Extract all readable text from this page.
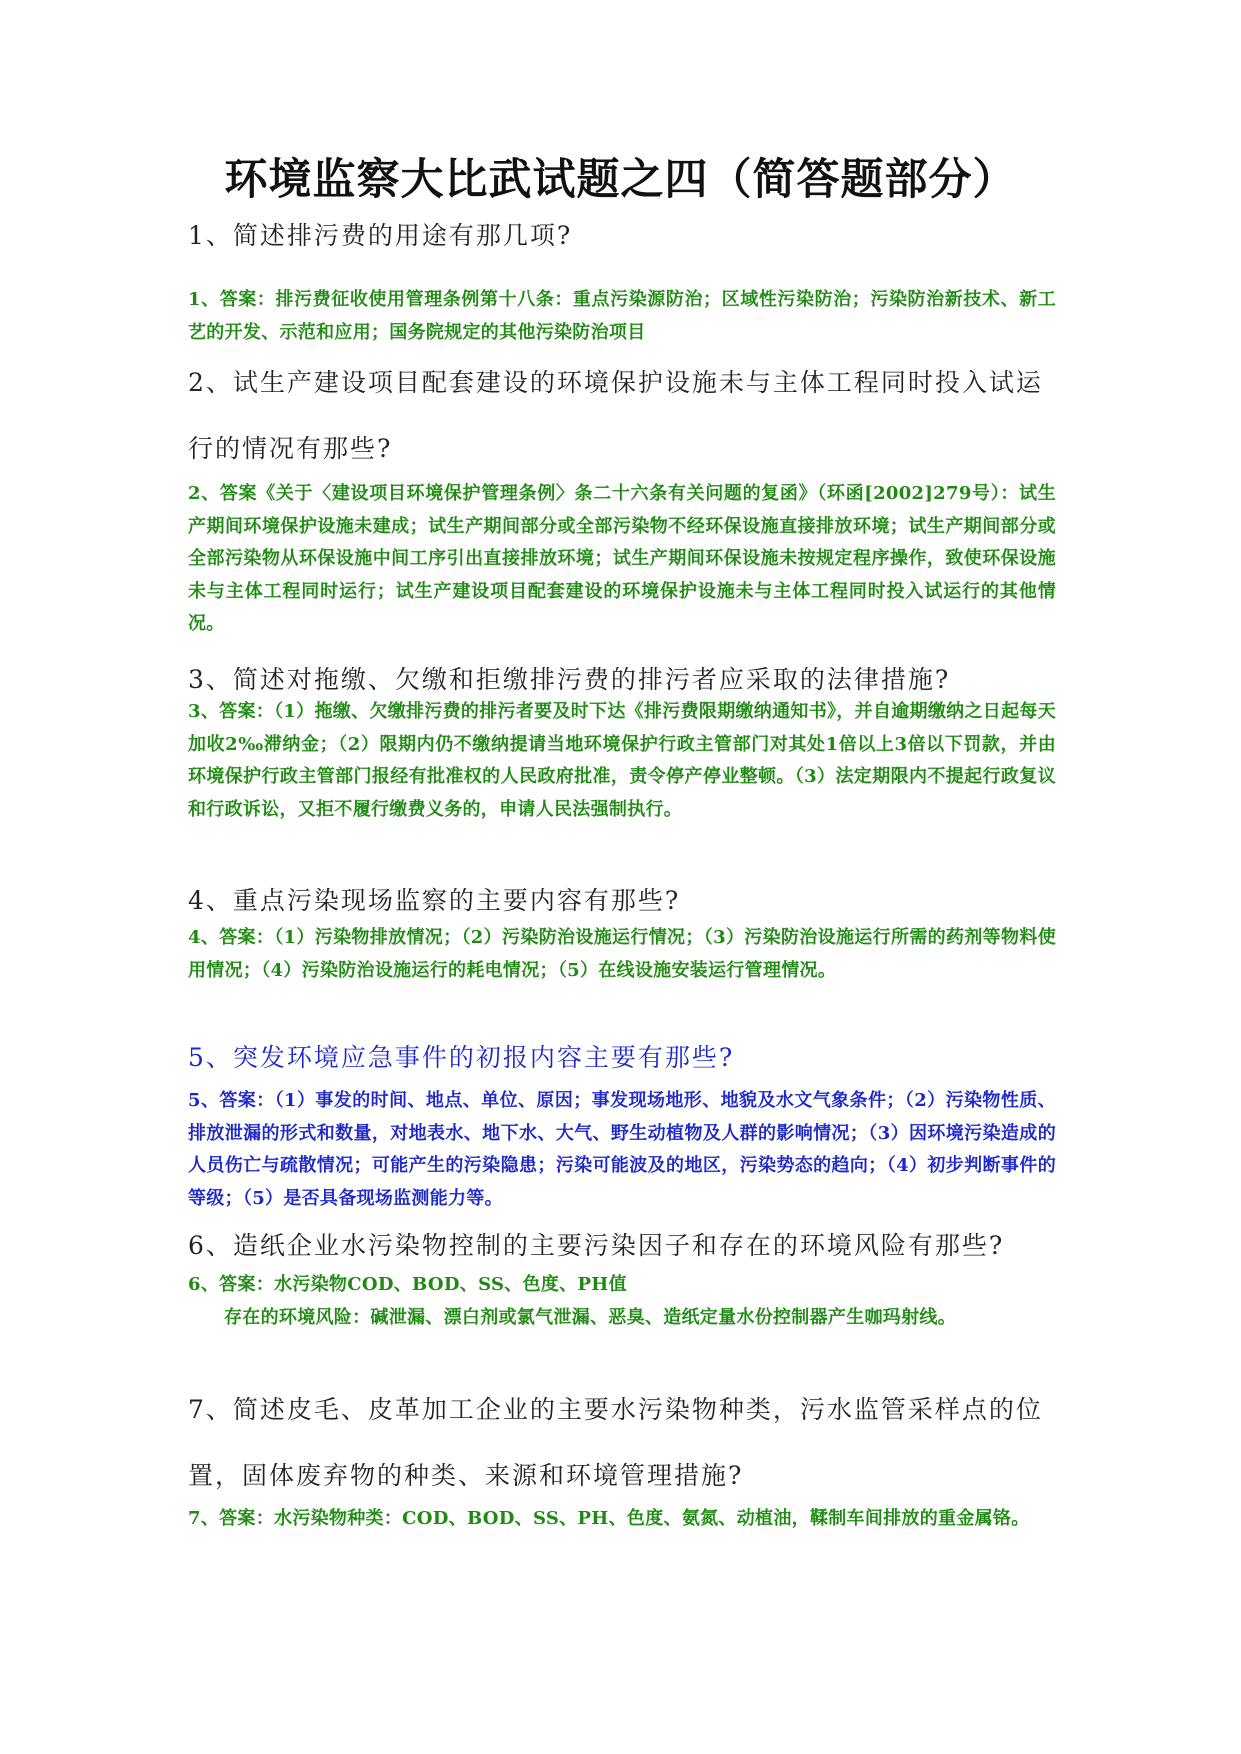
环境监察大比武试题之四（简答题部分）
1、简述排污费的用途有那几项?
1、答案：排污费征收使用管理条例第十八条：重点污染源防治；区域性污染防治；污染防治新技术、新工艺的开发、示范和应用；国务院规定的其他污染防治项目
2、试生产建设项目配套建设的环境保护设施未与主体工程同时投入试运行的情况有那些?
2、答案《关于〈建设项目环境保护管理条例〉条二十六条有关问题的复函》（环函[2002]279号）：试生产期间环境保护设施未建成；试生产期间部分或全部污染物不经环保设施直接排放环境；试生产期间部分或全部污染物从环保设施中间工序引出直接排放环境；试生产期间环保设施未按规定程序操作，致使环保设施未与主体工程同时运行；试生产建设项目配套建设的环境保护设施未与主体工程同时投入试运行的其他情况。
3、简述对拖缴、欠缴和拒缴排污费的排污者应采取的法律措施?
3、答案：（1）拖缴、欠缴排污费的排污者要及时下达《排污费限期缴纳通知书》，并自逾期缴纳之日起每天加收2‰滞纳金；（2）限期内仍不缴纳提请当地环境保护行政主管部门对其处1倍以上3倍以下罚款，并由环境保护行政主管部门报经有批准权的人民政府批准，责令停产停业整顿。（3）法定期限内不提起行政复议和行政诉讼，又拒不履行缴费义务的，申请人民法强制执行。
4、重点污染现场监察的主要内容有那些?
4、答案：（1）污染物排放情况；（2）污染防治设施运行情况；（3）污染防治设施运行所需的药剂等物料使用情况；（4）污染防治设施运行的耗电情况；（5）在线设施安装运行管理情况。
5、突发环境应急事件的初报内容主要有那些?
5、答案：（1）事发的时间、地点、单位、原因；事发现场地形、地貌及水文气象条件；（2）污染物性质、排放泄漏的形式和数量，对地表水、地下水、大气、野生动植物及人群的影响情况；（3）因环境污染造成的人员伤亡与疏散情况；可能产生的污染隐患；污染可能波及的地区，污染势态的趋向；（4）初步判断事件的等级；（5）是否具备现场监测能力等。
6、造纸企业水污染物控制的主要污染因子和存在的环境风险有那些?

6、答案：水污染物COD、BOD、SS、色度、PH值

存在的环境风险：碱泄漏、漂白剂或氯气泄漏、恶臭、造纸定量水份控制器产生咖玛射线。

7、简述皮毛、皮革加工企业的主要水污染物种类，污水监管采样点的位置，固体废弃物的种类、来源和环境管理措施?
7、答案：水污染物种类：COD、BOD、SS、PH、色度、氨氮、动植油，鞣制车间排放的重金属铬。
